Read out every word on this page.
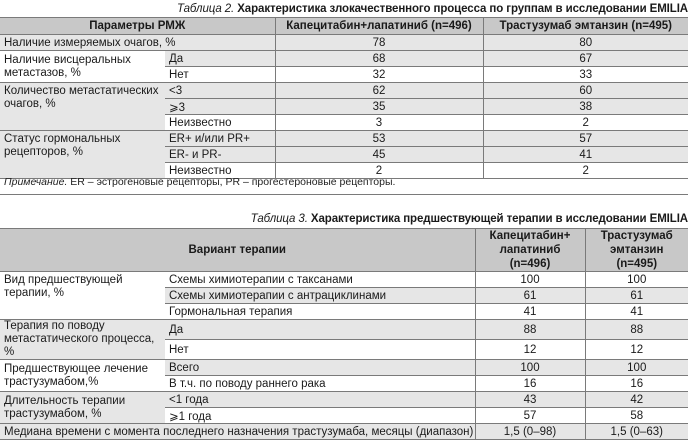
Таблица 2. Характеристика злокачественного процесса по группам в исследовании EMILIA
Параметры РМЖ		Капецитабин+лапатиниб (n=496)	Трастузумаб эмтанзин (n=495)
Наличие измеряемых очагов, %		78	80
Наличие висцеральных метастазов, %	Да	68	67
	Нет	32	33
Количество метастатических очагов, %	<3	62	60
	⩾3	35	38
	Неизвестно	3	2
Статус гормональных рецепторов, %	ER+ и/или PR+	53	57
	ER- и PR-	45	41
	Неизвестно	2	2
Примечание. ER – эстрогеновые рецепторы, PR – прогестероновые рецепторы.
Таблица 3. Характеристика предшествующей терапии в исследовании EMILIA
Вариант терапии		Капецитабин+ лапатиниб (n=496)	Трастузумаб эмтанзин (n=495)
Вид предшествующей терапии, %	Схемы химиотерапии с таксанами	100	100
	Схемы химиотерапии с антрациклинами	61	61
	Гормональная терапия	41	41
Терапия по поводу метастатического процесса, %	Да	88	88
	Нет	12	12
Предшествующее лечение трастузумабом,%	Всего	100	100
	В т.ч. по поводу раннего рака	16	16
Длительность терапии трастузумабом, %	<1 года	43	42
	⩾1 года	57	58
Медиана времени с момента последнего назначения трастузумаба, месяцы (диапазон)		1,5 (0–98)	1,5 (0–63)
